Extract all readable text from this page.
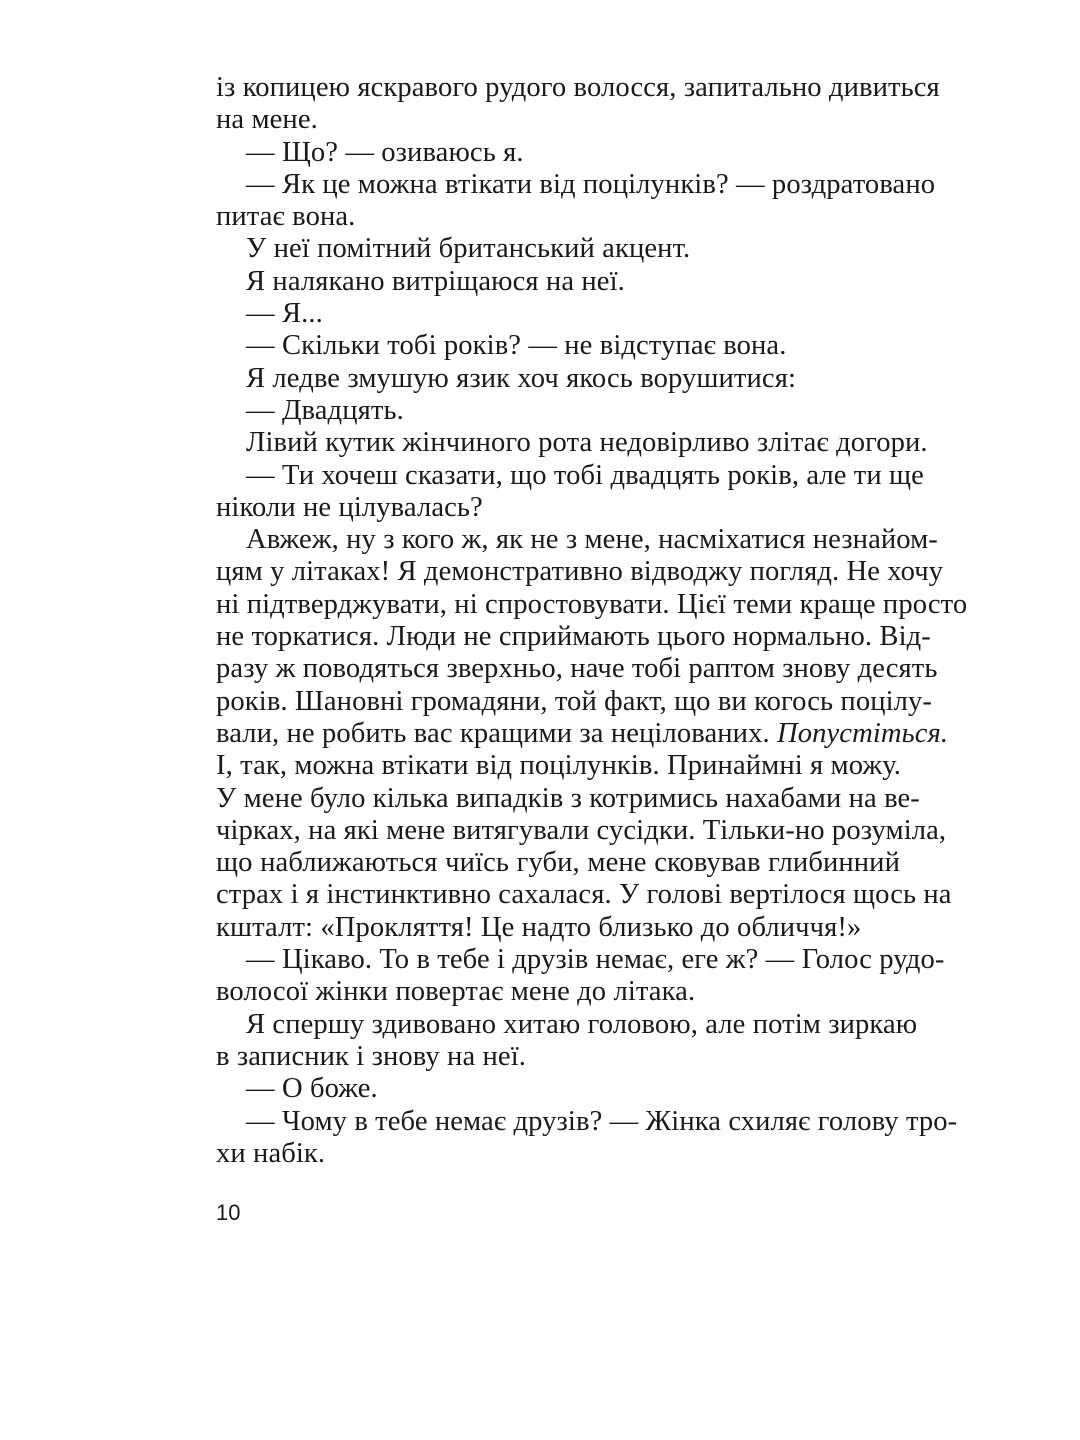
із копицею яскравого рудого волосся, запитально дивиться
на мене.
— Що? — озиваюсь я.
— Як це можна втікати від поцілунків? — роздратовано
питає вона.
У неї помітний британський акцент.
Я налякано витріщаюся на неї.
— Я...
— Скільки тобі років? — не відступає вона.
Я ледве змушую язик хоч якось ворушитися:
— Двадцять.
Лівий кутик жінчиного рота недовірливо злітає догори.
— Ти хочеш сказати, що тобі двадцять років, але ти ще
ніколи не цілувалась?
Авжеж, ну з кого ж, як не з мене, насміхатися незнайом-
цям у літаках! Я демонстративно відводжу погляд. Не хочу
ні підтверджувати, ні спростовувати. Цієї теми краще просто
не торкатися. Люди не сприймають цього нормально. Від-
разу ж поводяться зверхньо, наче тобі раптом знову десять
років. Шановні громадяни, той факт, що ви когось поцілу-
вали, не робить вас кращими за нецілованих. Попустіться.
І, так, можна втікати від поцілунків. Принаймні я можу.
У мене було кілька випадків з котримись нахабами на ве-
чірках, на які мене витягували сусідки. Тільки-но розуміла,
що наближаються чиїсь губи, мене сковував глибинний
страх і я інстинктивно сахалася. У голові вертілося щось на
кшталт: «Прокляття! Це надто близько до обличчя!»
— Цікаво. То в тебе і друзів немає, еге ж? — Голос рудо-
волосої жінки повертає мене до літака.
Я спершу здивовано хитаю головою, але потім зиркаю
в записник і знову на неї.
— О боже.
— Чому в тебе немає друзів? — Жінка схиляє голову тро-
хи набік.
10
